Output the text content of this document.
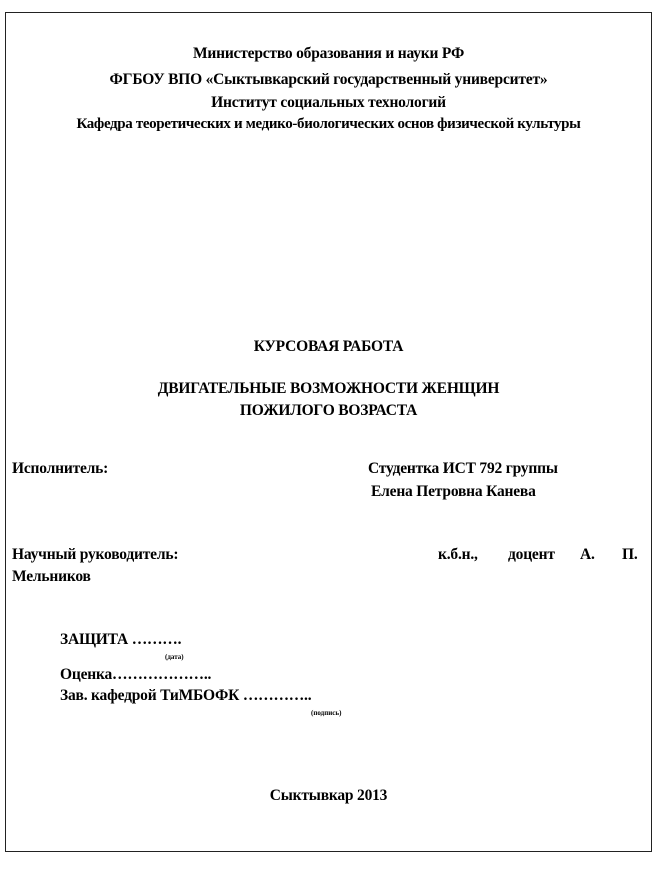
Министерство образования и науки РФ
ФГБОУ ВПО «Сыктывкарский государственный университет»
Институт социальных технологий
Кафедра теоретических и медико-биологических основ физической культуры
КУРСОВАЯ РАБОТА
ДВИГАТЕЛЬНЫЕ ВОЗМОЖНОСТИ ЖЕНЩИН
ПОЖИЛОГО ВОЗРАСТА
Исполнитель:	Студентка ИСТ 792 группы
Елена Петровна Канева
Научный руководитель:	к.б.н., доцент А. П.
Мельников
ЗАЩИТА ……….
(дата)
Оценка………………..
Зав. кафедрой ТиМБОФК …………..
(подпись)
Сыктывкар 2013
